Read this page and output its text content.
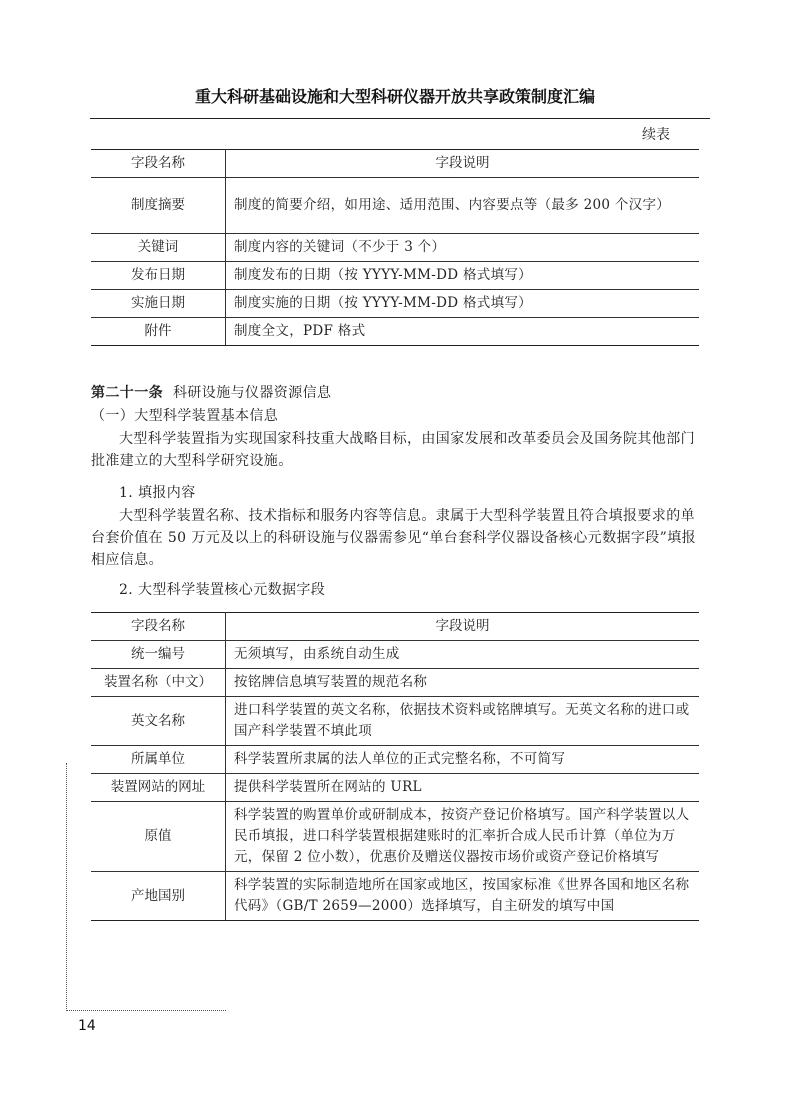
重大科研基础设施和大型科研仪器开放共享政策制度汇编
续表
字段名称	字段说明
制度摘要	制度的简要介绍，如用途、适用范围、内容要点等（最多 200 个汉字）
关键词	制度内容的关键词（不少于 3 个）
发布日期	制度发布的日期（按 YYYY-MM-DD 格式填写）
实施日期	制度实施的日期（按 YYYY-MM-DD 格式填写）
附件	制度全文，PDF 格式
第二十一条 科研设施与仪器资源信息
（一）大型科学装置基本信息
大型科学装置指为实现国家科技重大战略目标，由国家发展和改革委员会及国务院其他部门批准建立的大型科学研究设施。
1. 填报内容
大型科学装置名称、技术指标和服务内容等信息。隶属于大型科学装置且符合填报要求的单台套价值在 50 万元及以上的科研设施与仪器需参见“单台套科学仪器设备核心元数据字段”填报相应信息。
2. 大型科学装置核心元数据字段
字段名称	字段说明
统一编号	无须填写，由系统自动生成
装置名称（中文）	按铭牌信息填写装置的规范名称
英文名称	进口科学装置的英文名称，依据技术资料或铭牌填写。无英文名称的进口或国产科学装置不填此项
所属单位	科学装置所隶属的法人单位的正式完整名称，不可简写
装置网站的网址	提供科学装置所在网站的 URL
原值	科学装置的购置单价或研制成本，按资产登记价格填写。国产科学装置以人民币填报，进口科学装置根据建账时的汇率折合成人民币计算（单位为万元，保留 2 位小数），优惠价及赠送仪器按市场价或资产登记价格填写
产地国别	科学装置的实际制造地所在国家或地区，按国家标准《世界各国和地区名称代码》（GB/T 2659—2000）选择填写，自主研发的填写中国
14
